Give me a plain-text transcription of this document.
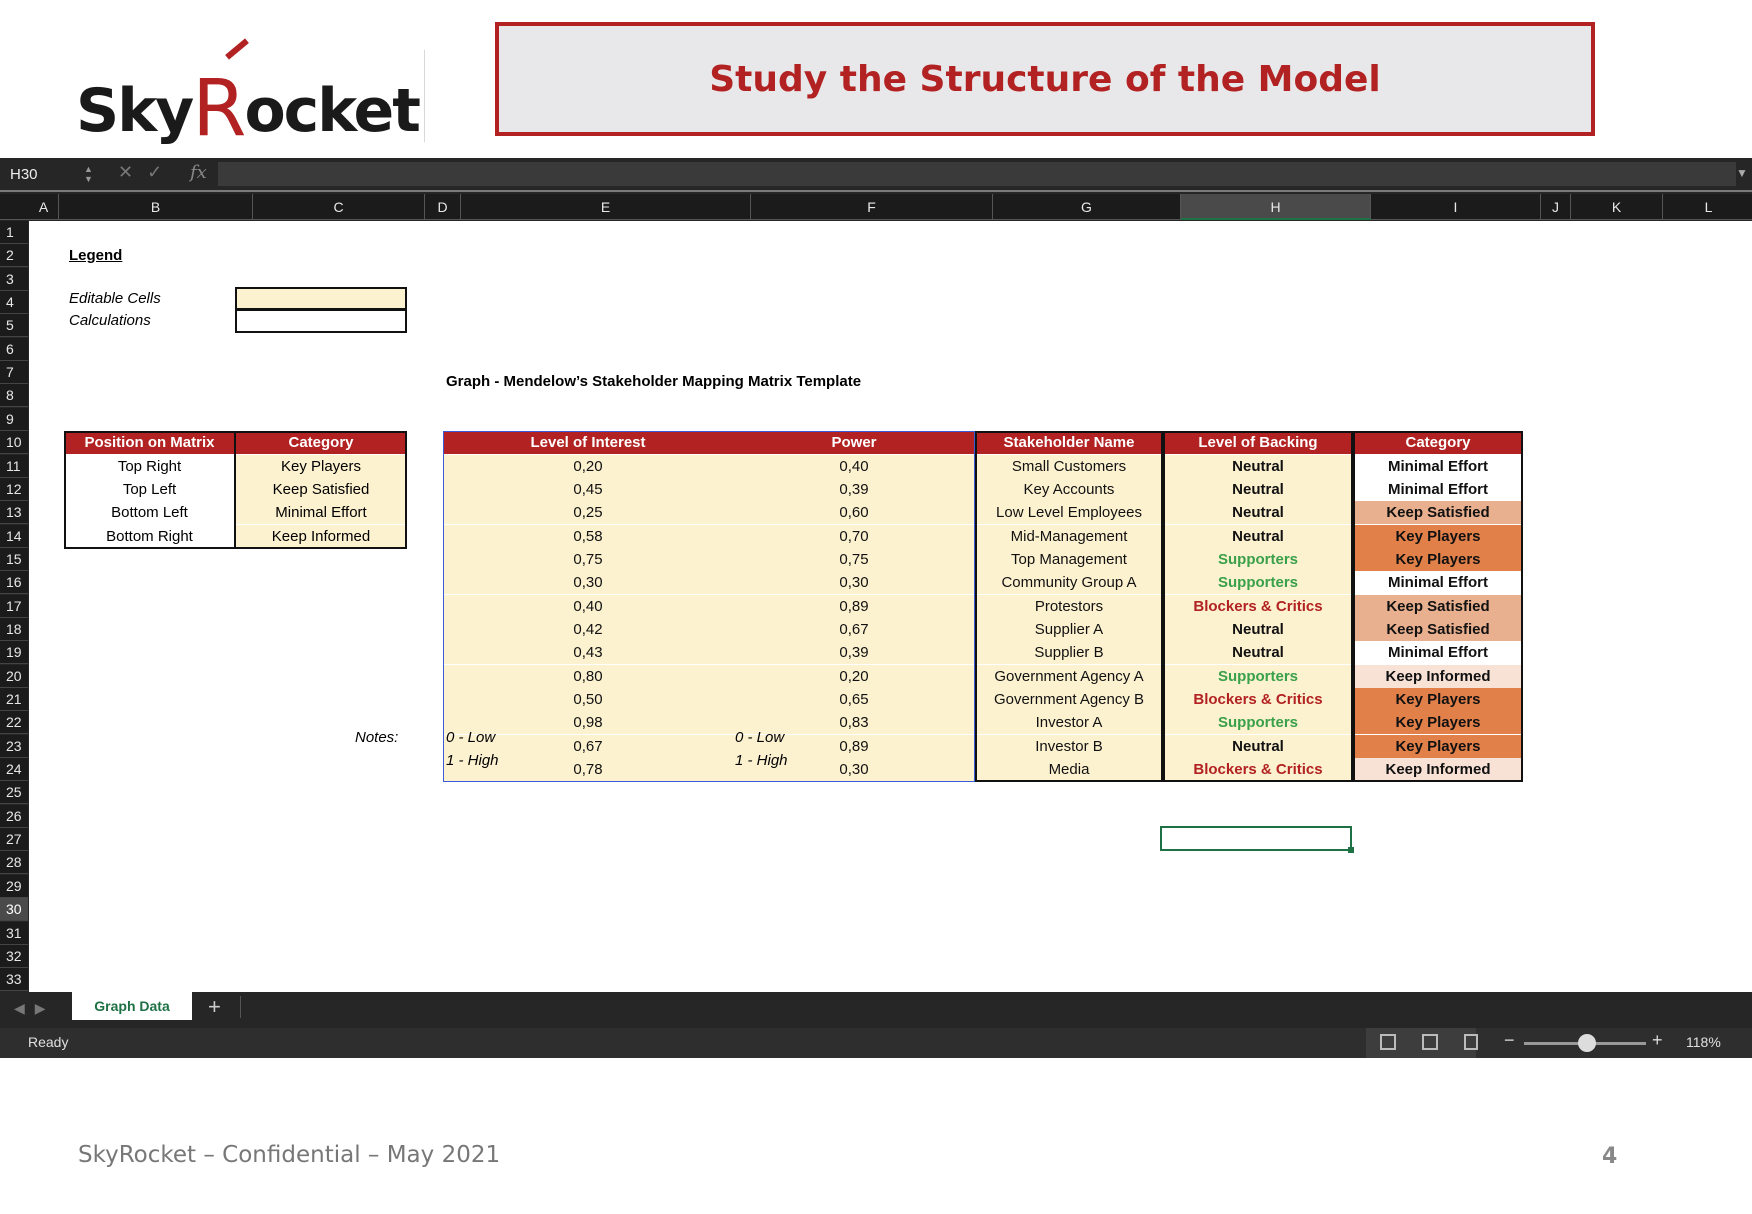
SkyRocket	Study the Structure of the Model
H30	▲
▼ ✕✓ fx	▼
A	B	C	D	E	F	G	H	I	J	K	L
1
2
3
4
5
6
7
8
9
10
11
12
13
14
15
16
17
18
19
20
21
22
23
24
25
26
27
28
29
30
31
32
33
Legend
Editable Cells
Calculations
Graph - Mendelow’s Stakeholder Mapping Matrix Template
Position on Matrix	Category
Top Right	Key Players
Top Left	Keep Satisfied
Bottom Left	Minimal Effort
Bottom Right	Keep Informed
Level of Interest	Power	Stakeholder Name	Level of Backing	Category
0,20	0,40	Small Customers	Neutral	Minimal Effort
0,45	0,39	Key Accounts	Neutral	Minimal Effort
0,25	0,60	Low Level Employees	Neutral	Keep Satisfied
0,58	0,70	Mid-Management	Neutral	Key Players
0,75	0,75	Top Management	Supporters	Key Players
0,30	0,30	Community Group A	Supporters	Minimal Effort
0,40	0,89	Protestors	Blockers & Critics	Keep Satisfied
0,42	0,67	Supplier A	Neutral	Keep Satisfied
0,43	0,39	Supplier B	Neutral	Minimal Effort
0,80	0,20	Government Agency A	Supporters	Keep Informed
0,50	0,65	Government Agency B	Blockers & Critics	Key Players
0,98	0,83	Investor A	Supporters	Key Players
0,67	0,89	Investor B	Neutral	Key Players
0,78	0,30	Media	Blockers & Critics	Keep Informed
Notes:	0 - Low
1 - High
0 - Low
1 - High
◀▶	Graph Data	+
Ready	−	+ 118%
SkyRocket – Confidential – May 2021	4
